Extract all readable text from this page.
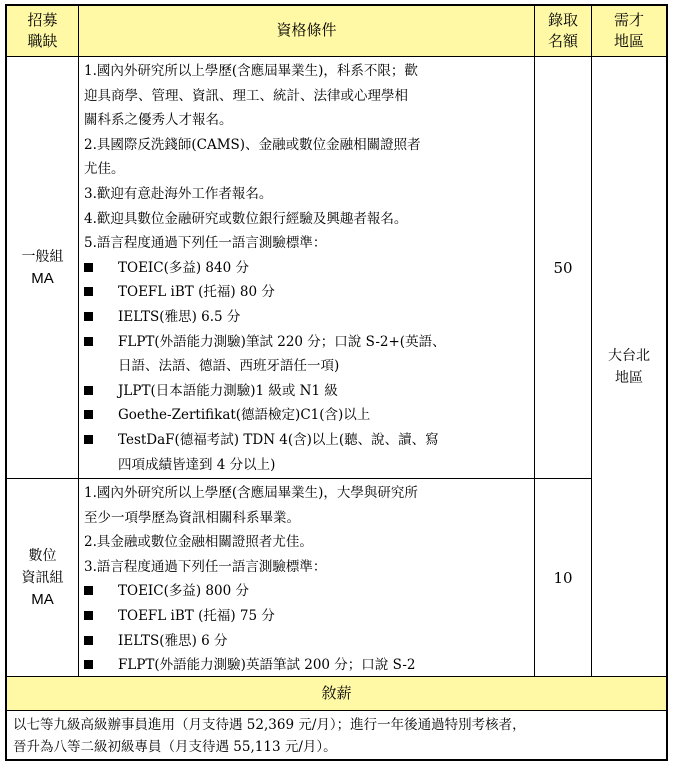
招募
職缺
資格條件
錄取
名額
需才
地區
敘薪
一般組
MA
50
大台北
地區
1.國內外研究所以上學歷(含應屆畢業生)，科系不限；歡
迎具商學、管理、資訊、理工、統計、法律或心理學相
關科系之優秀人才報名。
2.具國際反洗錢師(CAMS)、金融或數位金融相關證照者
尤佳。
3.歡迎有意赴海外工作者報名。
4.歡迎具數位金融研究或數位銀行經驗及興趣者報名。
5.語言程度通過下列任一語言測驗標準：
TOEIC(多益) 840 分
TOEFL iBT (托福) 80 分
IELTS(雅思) 6.5 分
FLPT(外語能力測驗)筆試 220 分；口說 S-2+(英語、
日語、法語、德語、西班牙語任一項)
JLPT(日本語能力測驗)1 級或 N1 級
Goethe-Zertifikat(德語檢定)C1(含)以上
TestDaF(德福考試) TDN 4(含)以上(聽、說、讀、寫
四項成績皆達到 4 分以上)
數位
資訊組
MA
10
1.國內外研究所以上學歷(含應屆畢業生)，大學與研究所
至少一項學歷為資訊相關科系畢業。
2.具金融或數位金融相關證照者尤佳。
3.語言程度通過下列任一語言測驗標準：
TOEIC(多益) 800 分
TOEFL iBT (托福) 75 分
IELTS(雅思) 6 分
FLPT(外語能力測驗)英語筆試 200 分；口說 S-2
以七等九級高級辦事員進用（月支待遇 52,369 元/月）；進行一年後通過特別考核者，
晉升為八等二級初級專員（月支待遇 55,113 元/月）。
